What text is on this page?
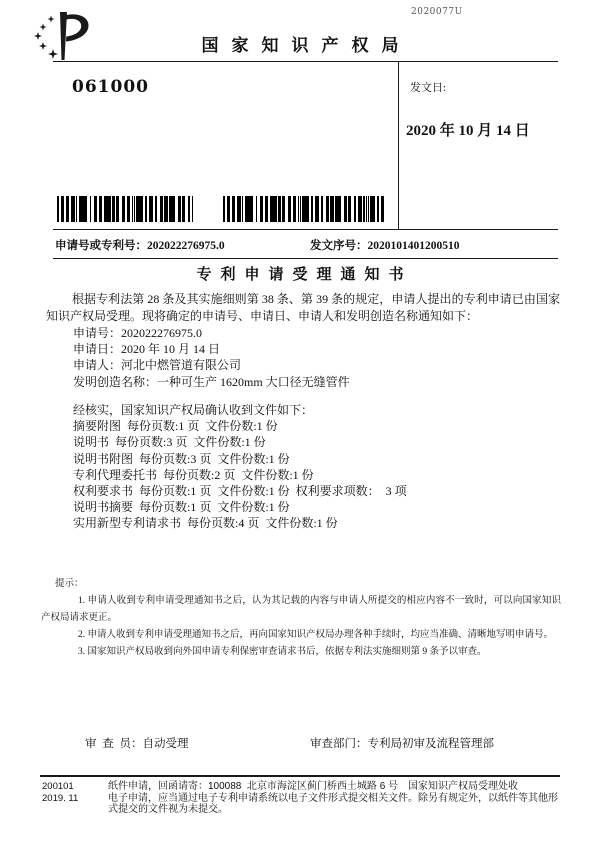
2020077U
国家知识产权局
061000	发文日:
2020 年 10 月 14 日
申请号或专利号：202022276975.0	发文序号：2020101401200510
专利申请受理通知书
根据专利法第 28 条及其实施细则第 38 条、第 39 条的规定，申请人提出的专利申请已由国家知识产权局受理。现将确定的申请号、申请日、申请人和发明创造名称通知如下：
申请号：202022276975.0
申请日：2020 年 10 月 14 日
申请人：河北中燃管道有限公司
发明创造名称：一种可生产 1620mm 大口径无缝管件
经核实，国家知识产权局确认收到文件如下：
摘要附图  每份页数:1 页  文件份数:1 份
说明书  每份页数:3 页  文件份数:1 份
说明书附图  每份页数:3 页  文件份数:1 份
专利代理委托书  每份页数:2 页  文件份数:1 份
权利要求书  每份页数:1 页  文件份数:1 份  权利要求项数：  3 项
说明书摘要  每份页数:1 页  文件份数:1 份
实用新型专利请求书  每份页数:4 页  文件份数:1 份
提示：
1. 申请人收到专利申请受理通知书之后，认为其记载的内容与申请人所提交的相应内容不一致时，可以向国家知识产权局请求更正。
2. 申请人收到专利申请受理通知书之后，再向国家知识产权局办理各种手续时，均应当准确、清晰地写明申请号。
3. 国家知识产权局收到向外国申请专利保密审查请求书后，依据专利法实施细则第 9 条予以审查。
审  查  员：自动受理	审查部门：专利局初审及流程管理部
200101
2019. 11
纸件申请，回函请寄：100088  北京市海淀区蓟门桥西土城路 6 号　国家知识产权局受理处收
电子申请，应当通过电子专利申请系统以电子文件形式提交相关文件。除另有规定外，以纸件等其他形式提交的文件视为未提交。
